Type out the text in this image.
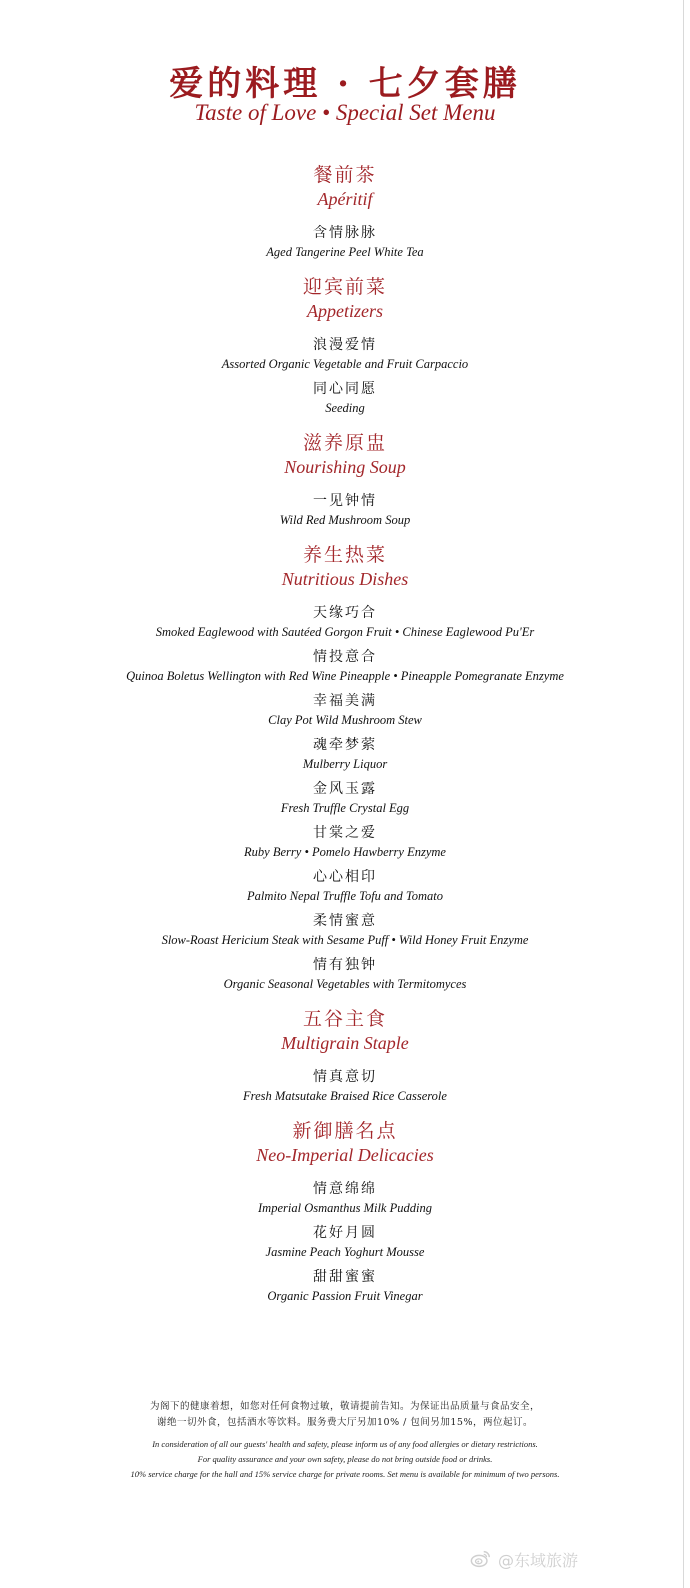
爱的料理 · 七夕套膳
Taste of Love • Special Set Menu
餐前茶
Apéritif
含情脉脉
Aged Tangerine Peel White Tea
迎宾前菜
Appetizers
浪漫爱情
Assorted Organic Vegetable and Fruit Carpaccio
同心同愿
Seeding
滋养原盅
Nourishing Soup
一见钟情
Wild Red Mushroom Soup
养生热菜
Nutritious Dishes
天缘巧合
Smoked Eaglewood with Sautéed Gorgon Fruit • Chinese Eaglewood Pu'Er
情投意合
Quinoa Boletus Wellington with Red Wine Pineapple • Pineapple Pomegranate Enzyme
幸福美满
Clay Pot Wild Mushroom Stew
魂牵梦萦
Mulberry Liquor
金风玉露
Fresh Truffle Crystal Egg
甘棠之爱
Ruby Berry • Pomelo Hawberry Enzyme
心心相印
Palmito Nepal Truffle Tofu and Tomato
柔情蜜意
Slow-Roast Hericium Steak with Sesame Puff • Wild Honey Fruit Enzyme
情有独钟
Organic Seasonal Vegetables with Termitomyces
五谷主食
Multigrain Staple
情真意切
Fresh Matsutake Braised Rice Casserole
新御膳名点
Neo-Imperial Delicacies
情意绵绵
Imperial Osmanthus Milk Pudding
花好月圆
Jasmine Peach Yoghurt Mousse
甜甜蜜蜜
Organic Passion Fruit Vinegar
为阁下的健康着想，如您对任何食物过敏，敬请提前告知。为保证出品质量与食品安全，
谢绝一切外食，包括酒水等饮料。服务费大厅另加10% / 包间另加15%，两位起订。
In consideration of all our guests' health and safety, please inform us of any food allergies or dietary restrictions.
For quality assurance and your own safety, please do not bring outside food or drinks.
10% service charge for the hall and 15% service charge for private rooms. Set menu is available for minimum of two persons.
@东域旅游
